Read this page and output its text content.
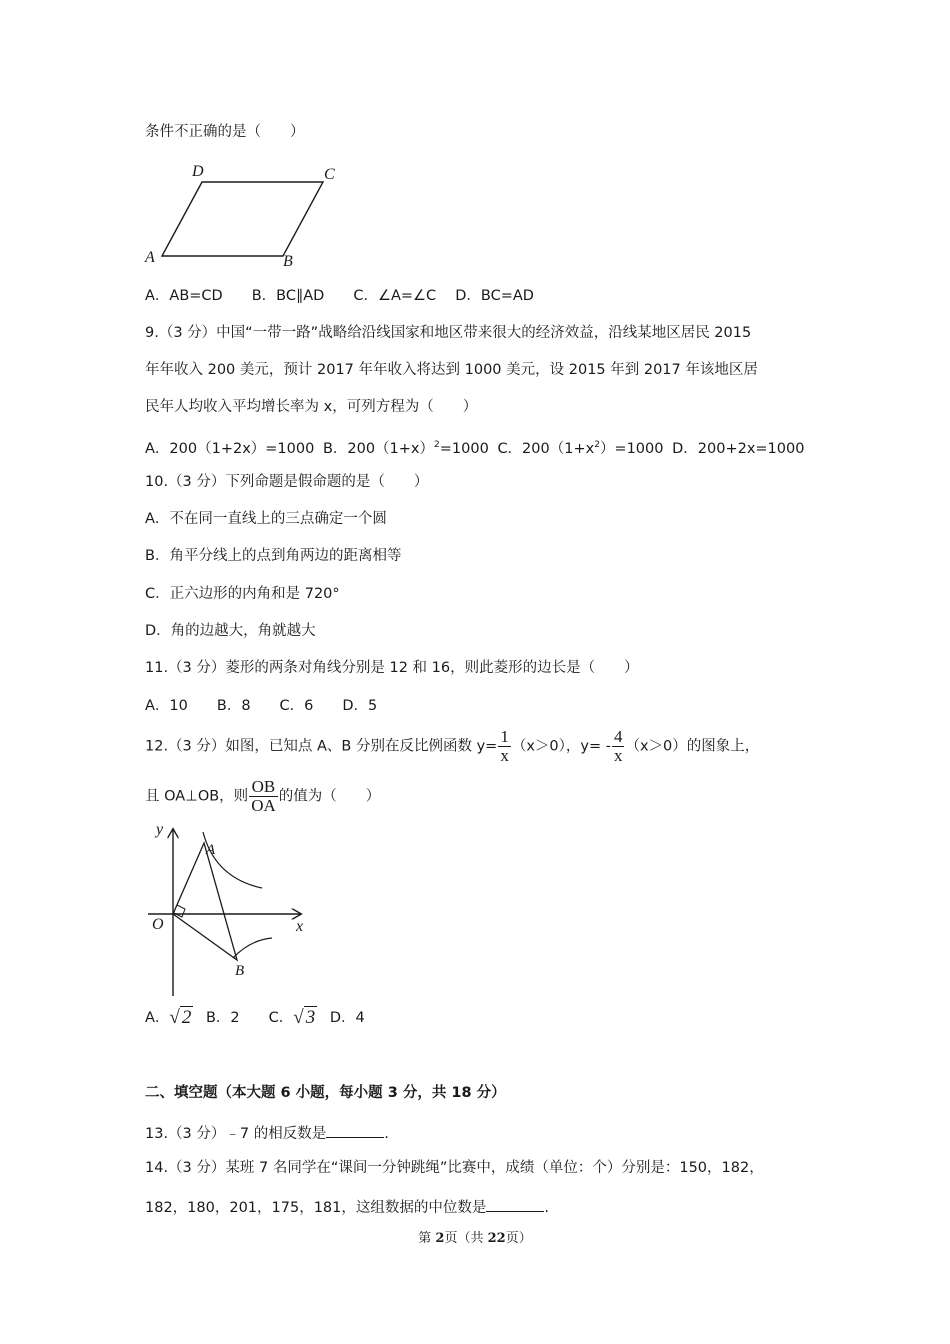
条件不正确的是（　　）
D	C
A	B
A．AB=CD　　B．BC∥AD　　C．∠A=∠C　 D．BC=AD
9.（3 分）中国“一带一路”战略给沿线国家和地区带来很大的经济效益，沿线某地区居民 2015
年年收入 200 美元，预计 2017 年年收入将达到 1000 美元，设 2015 年到 2017 年该地区居
民年人均收入平均增长率为 x，可列方程为（　　）
A．200（1+2x）=1000 B．$200(1+x)^2=1000$ C．$200(1+x^2)=1000$ D．200+2x=1000
10.（3 分）下列命题是假命题的是（　　）
A．不在同一直线上的三点确定一个圆
B．角平分线上的点到角两边的距离相等
C．正六边形的内角和是 720°
D．角的边越大，角就越大
11.（3 分）菱形的两条对角线分别是 12 和 16，则此菱形的边长是（　　）
A．10　　B．8　　C．6　　D．5
12.（3 分）如图，已知点 A、B 分别在反比例函数 $y= \frac{1}{x} (x>0)$，$y= - \frac{4}{x} (x>0)$的图象上，
且 OA⊥OB，则 $\frac{OB}{OA}$ 的值为（　　）
y
x
O
A
B
A．√ 2 B．2　　C．√ 3 D．4
二、填空题（本大题 6 小题，每小题 3 分，共 18 分）
13.（3 分）﹣7 的相反数是	.
14.（3 分）某班 7 名同学在“课间一分钟跳绳”比赛中，成绩（单位：个）分别是：150，182，
182，180，201，175，181，这组数据的中位数是	.
第 2页（共 22页）
